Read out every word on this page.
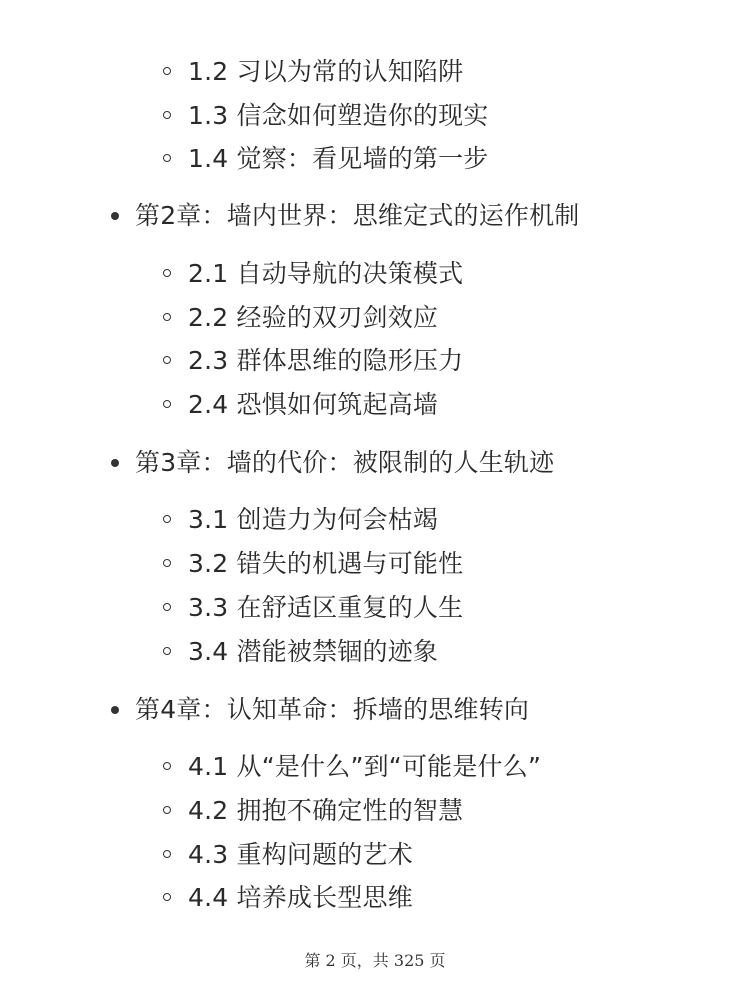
1.2 习以为常的认知陷阱
1.3 信念如何塑造你的现实
1.4 觉察：看见墙的第一步
第2章：墙内世界：思维定式的运作机制
2.1 自动导航的决策模式
2.2 经验的双刃剑效应
2.3 群体思维的隐形压力
2.4 恐惧如何筑起高墙
第3章：墙的代价：被限制的人生轨迹
3.1 创造力为何会枯竭
3.2 错失的机遇与可能性
3.3 在舒适区重复的人生
3.4 潜能被禁锢的迹象
第4章：认知革命：拆墙的思维转向
4.1 从“是什么”到“可能是什么”
4.2 拥抱不确定性的智慧
4.3 重构问题的艺术
4.4 培养成长型思维
第 2 页，共 325 页
